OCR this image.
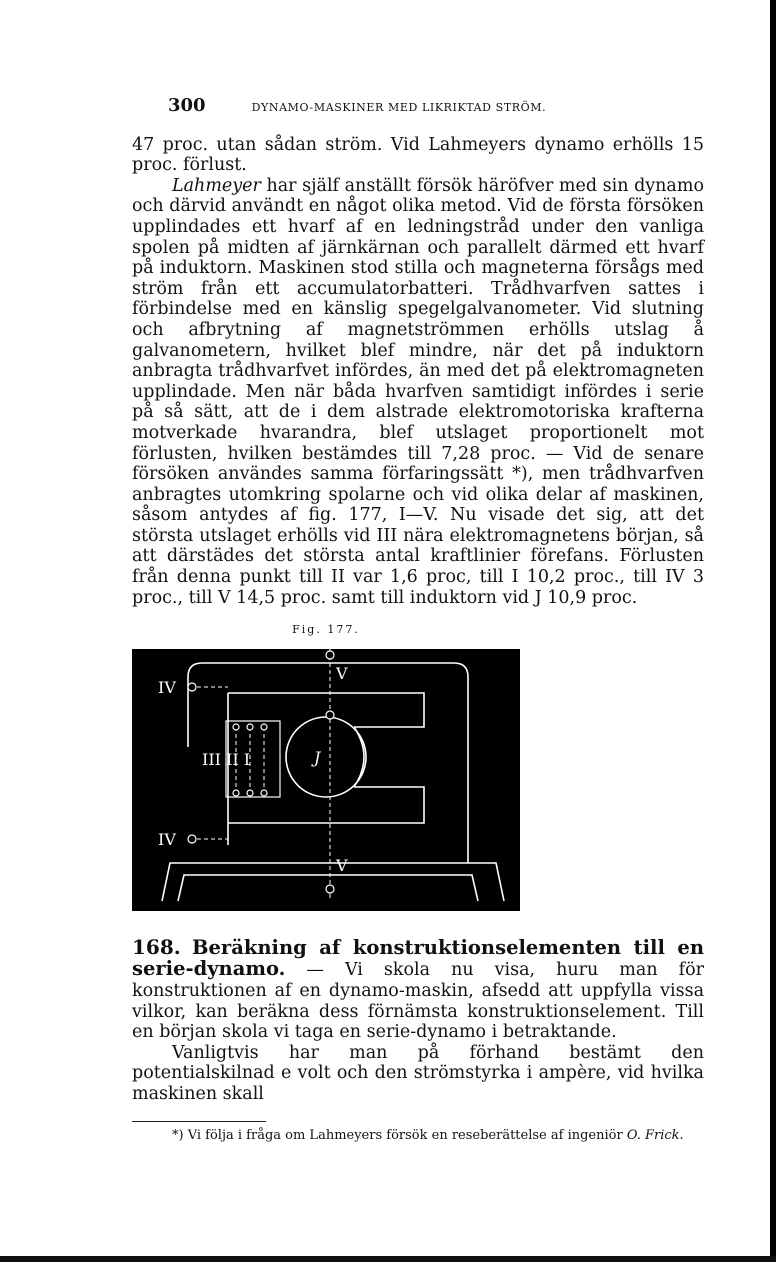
300	DYNAMO-MASKINER MED LIKRIKTAD STRÖM.

47 proc. utan sådan ström. Vid Lahmeyers dynamo erhölls 15 proc. förlust.

Lahmeyer har själf anställt försök häröfver med sin dynamo och därvid användt en något olika metod. Vid de första försöken upplindades ett hvarf af en ledningstråd under den vanliga spolen på midten af järnkärnan och parallelt därmed ett hvarf på induktorn. Maskinen stod stilla och magneterna försågs med ström från ett accumulatorbatteri. Trådhvarfven sattes i förbindelse med en känslig spegelgalvanometer. Vid slutning och afbrytning af magnetströmmen erhölls utslag å galvanometern, hvilket blef mindre, när det på induktorn anbragta trådhvarfvet infördes, än med det på elektromagneten upplindade. Men när båda hvarfven samtidigt infördes i serie på så sätt, att de i dem alstrade elektromotoriska krafterna motverkade hvarandra, blef utslaget proportionelt mot förlusten, hvilken bestämdes till 7,28 proc. — Vid de senare försöken användes samma förfaringssätt *), men trådhvarfven anbragtes utomkring spolarne och vid olika delar af maskinen, såsom antydes af fig. 177, I—V. Nu visade det sig, att det största utslaget erhölls vid III nära elektromagnetens början, så att därstädes det största antal kraftlinier förefans. Förlusten från denna punkt till II var 1,6 proc, till I 10,2 proc., till IV 3 proc., till V 14,5 proc. samt till induktorn vid J 10,9 proc.

Fig. 177.
IV
IV
V
V
III II I	J

168. Beräkning af konstruktionselementen till en serie-dynamo. — Vi skola nu visa, huru man för konstruktionen af en dynamo-maskin, afsedd att uppfylla vissa vilkor, kan beräkna dess förnämsta konstruktionselement. Till en början skola vi taga en serie-dynamo i betraktande.

Vanligtvis har man på förhand bestämt den potentialskilnad e volt och den strömstyrka i ampère, vid hvilka maskinen skall

*) Vi följa i fråga om Lahmeyers försök en reseberättelse af ingeniör O. Frick.
